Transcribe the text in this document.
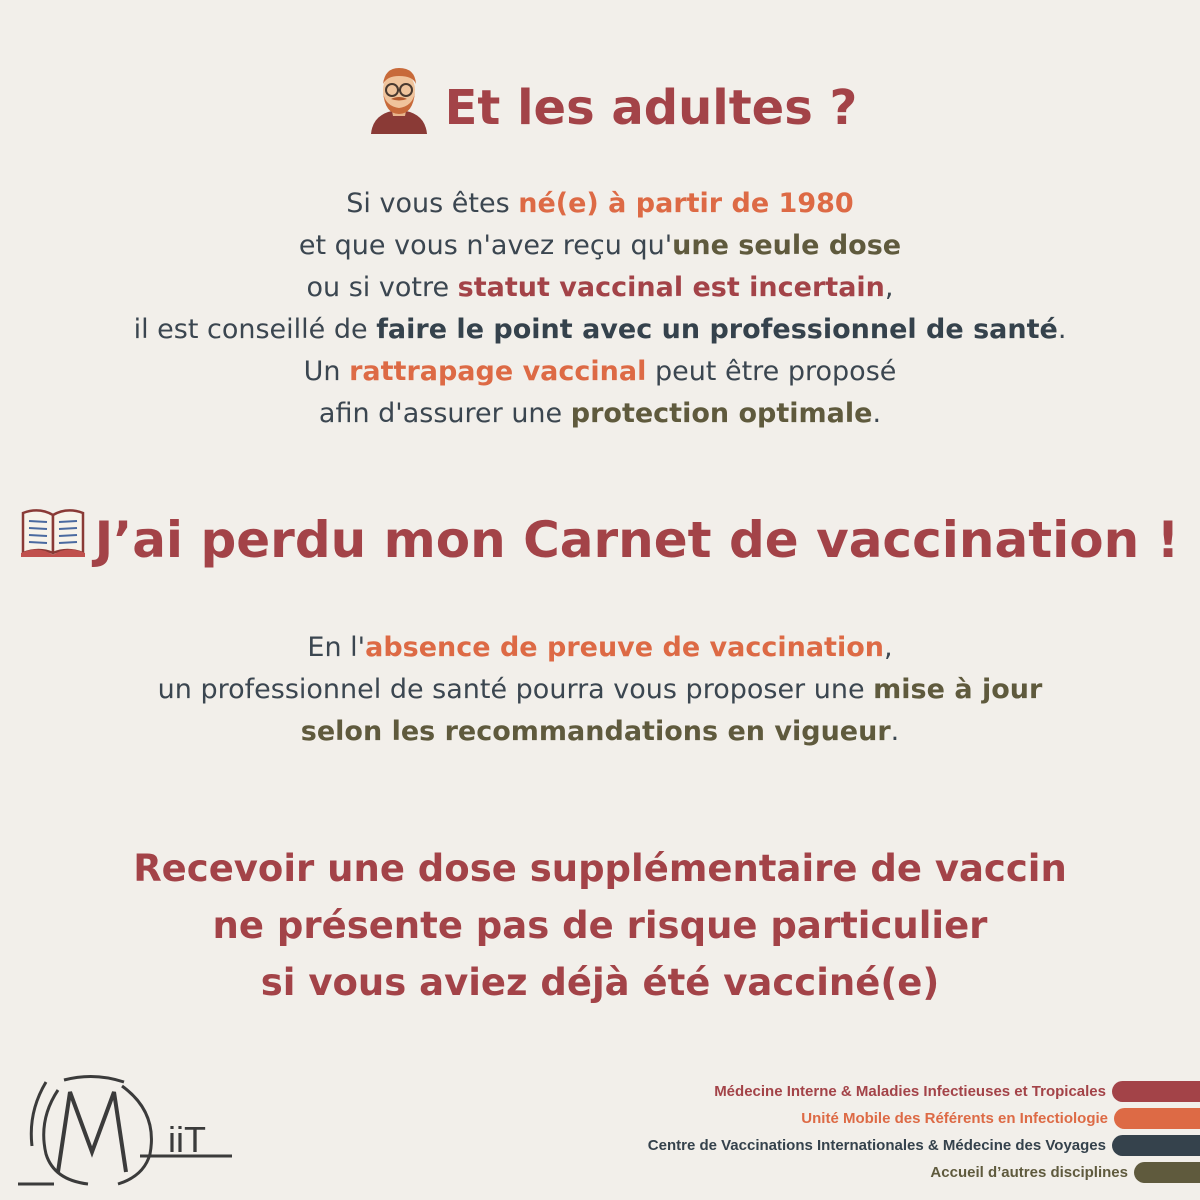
Et les adultes ?
Si vous êtes né(e) à partir de 1980
et que vous n'avez reçu qu'une seule dose
ou si votre statut vaccinal est incertain,
il est conseillé de faire le point avec un professionnel de santé.
Un rattrapage vaccinal peut être proposé
afin d'assurer une protection optimale.
J’ai perdu mon Carnet de vaccination !
En l'absence de preuve de vaccination,
un professionnel de santé pourra vous proposer une mise à jour
selon les recommandations en vigueur.
Recevoir une dose supplémentaire de vaccin
ne présente pas de risque particulier
si vous aviez déjà été vacciné(e)
iiT
Médecine Interne & Maladies Infectieuses et Tropicales
Unité Mobile des Référents en Infectiologie
Centre de Vaccinations Internationales & Médecine des Voyages
Accueil d’autres disciplines
